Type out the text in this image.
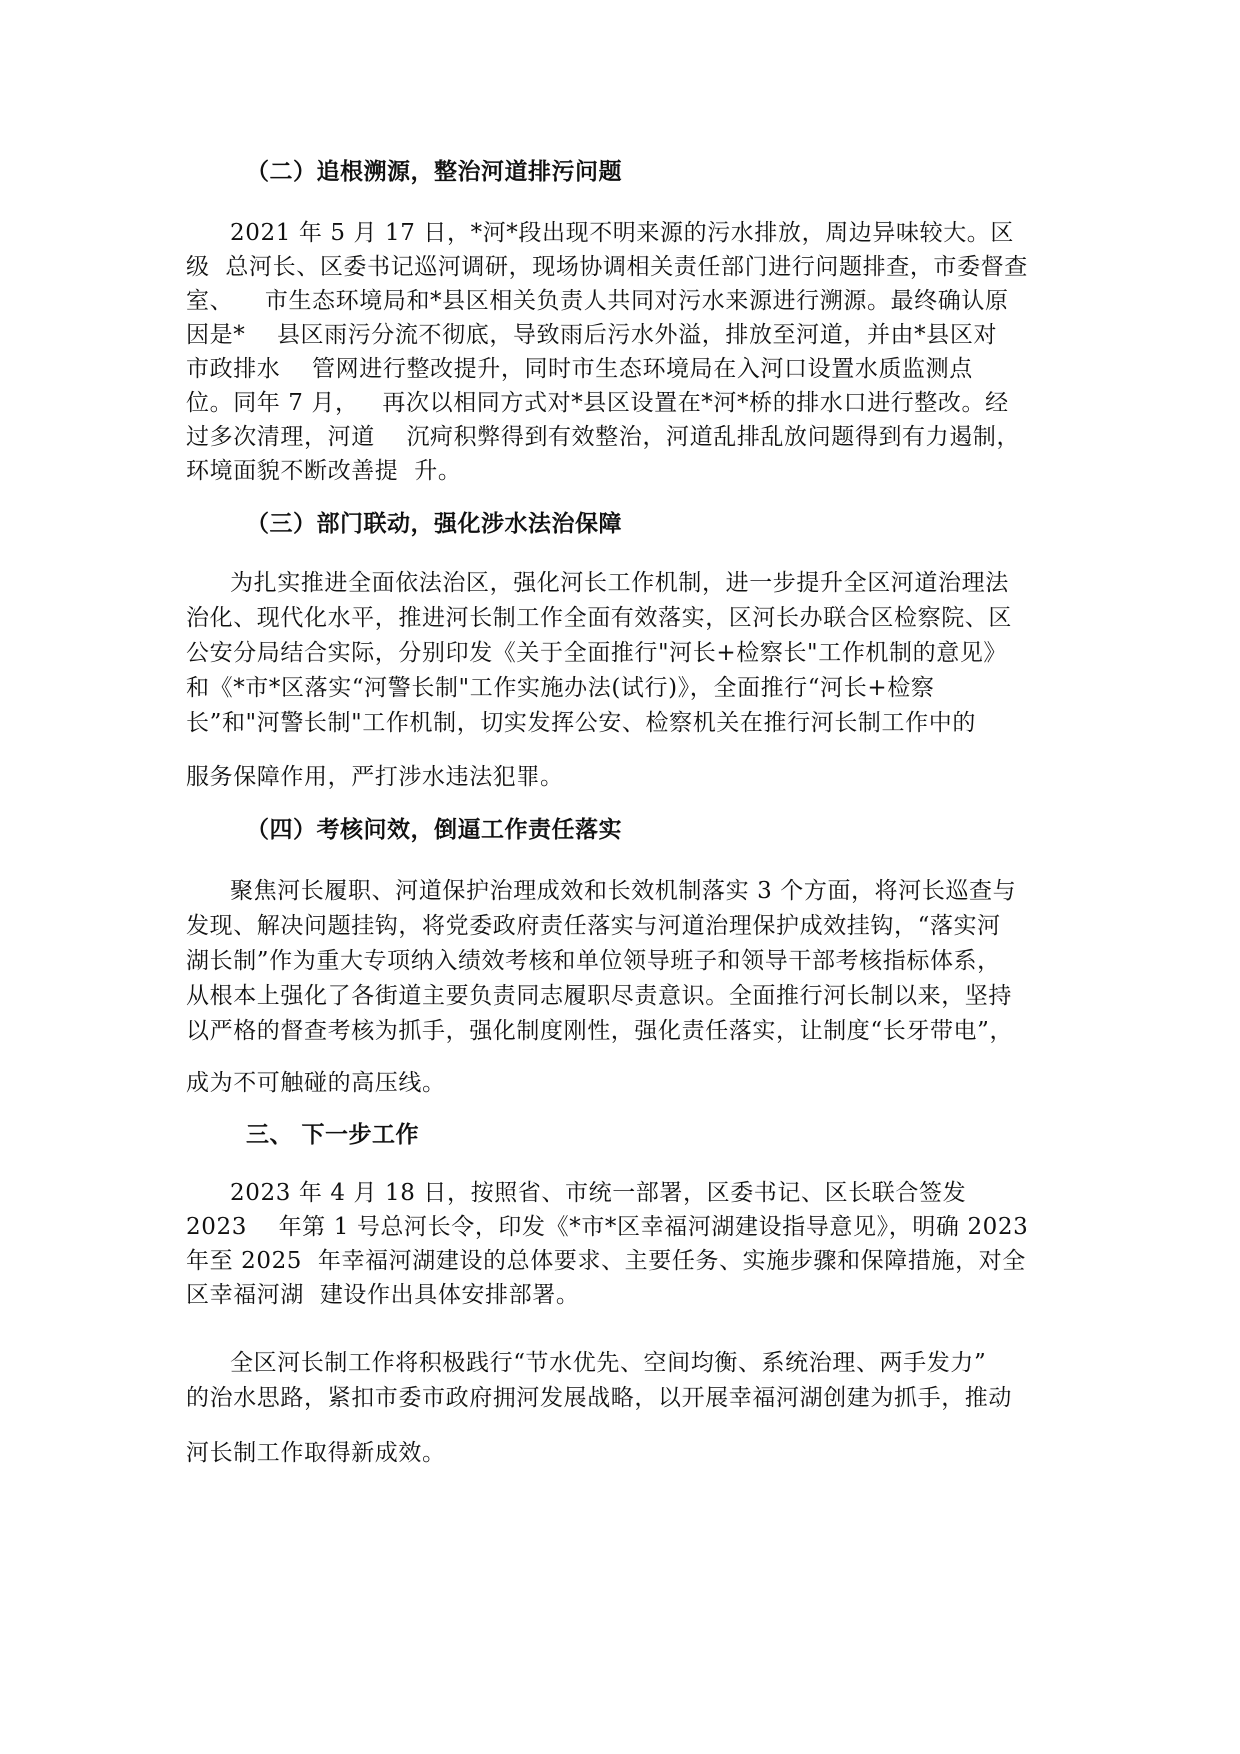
（二）追根溯源，整治河道排污问题
2021 年 5 月 17 日，*河*段出现不明来源的污水排放，周边异味较大。区
级  总河长、区委书记巡河调研，现场协调相关责任部门进行问题排查，市委督查
室、    市生态环境局和*县区相关负责人共同对污水来源进行溯源。最终确认原
因是*    县区雨污分流不彻底，导致雨后污水外溢，排放至河道，并由*县区对
市政排水    管网进行整改提升，同时市生态环境局在入河口设置水质监测点
位。同年 7 月，   再次以相同方式对*县区设置在*河*桥的排水口进行整改。经
过多次清理，河道    沉疴积弊得到有效整治，河道乱排乱放问题得到有力遏制，
环境面貌不断改善提  升。
（三）部门联动，强化涉水法治保障
为扎实推进全面依法治区，强化河长工作机制，进一步提升全区河道治理法
治化、现代化水平，推进河长制工作全面有效落实，区河长办联合区检察院、区
公安分局结合实际，分别印发《关于全面推行"河长+检察长"工作机制的意见》
和《*市*区落实“河警长制"工作实施办法(试行)》，全面推行“河长+检察
长”和"河警长制"工作机制，切实发挥公安、检察机关在推行河长制工作中的
服务保障作用，严打涉水违法犯罪。
（四）考核问效，倒逼工作责任落实
聚焦河长履职、河道保护治理成效和长效机制落实 3 个方面，将河长巡查与
发现、解决问题挂钩，将党委政府责任落实与河道治理保护成效挂钩，“落实河
湖长制”作为重大专项纳入绩效考核和单位领导班子和领导干部考核指标体系，
从根本上强化了各街道主要负责同志履职尽责意识。全面推行河长制以来，坚持
以严格的督查考核为抓手，强化制度刚性，强化责任落实，让制度“长牙带电”，
成为不可触碰的高压线。
三、 下一步工作
2023 年 4 月 18 日，按照省、市统一部署，区委书记、区长联合签发
2023    年第 1 号总河长令，印发《*市*区幸福河湖建设指导意见》，明确 2023
年至 2025  年幸福河湖建设的总体要求、主要任务、实施步骤和保障措施，对全
区幸福河湖  建设作出具体安排部署。
全区河长制工作将积极践行“节水优先、空间均衡、系统治理、两手发力”
的治水思路，紧扣市委市政府拥河发展战略，以开展幸福河湖创建为抓手，推动
河长制工作取得新成效。
